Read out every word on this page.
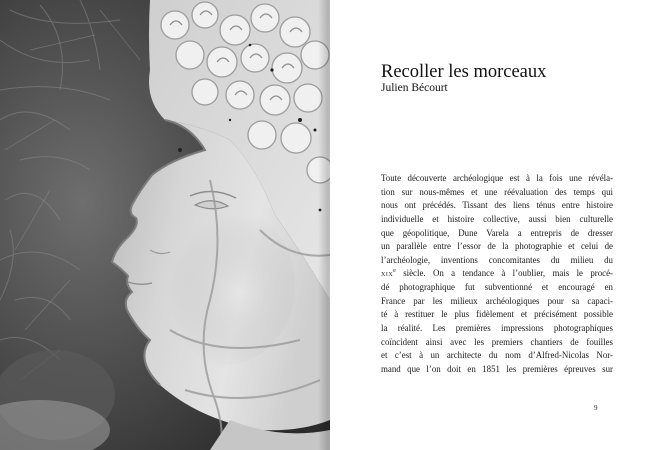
Recoller les morceaux

Julien Bécourt

Toute découverte archéologique est à la fois une révéla-
tion sur nous-mêmes et une réévaluation des temps qui
nous ont précédés. Tissant des liens ténus entre histoire
individuelle et histoire collective, aussi bien culturelle
que géopolitique, Dune Varela a entrepris de dresser
un parallèle entre l’essor de la photographie et celui de
l’archéologie, inventions concomitantes du milieu du
xix$^e$ siècle. On a tendance à l’oublier, mais le procé-
dé photographique fut subventionné et encouragé en
France par les milieux archéologiques pour sa capaci-
té à restituer le plus fidèlement et précisément possible
la réalité. Les premières impressions photographiques
coïncident ainsi avec les premiers chantiers de fouilles
et c’est à un architecte du nom d’Alfred-Nicolas Nor-
mand que l’on doit en 1851 les premières épreuves sur
9
